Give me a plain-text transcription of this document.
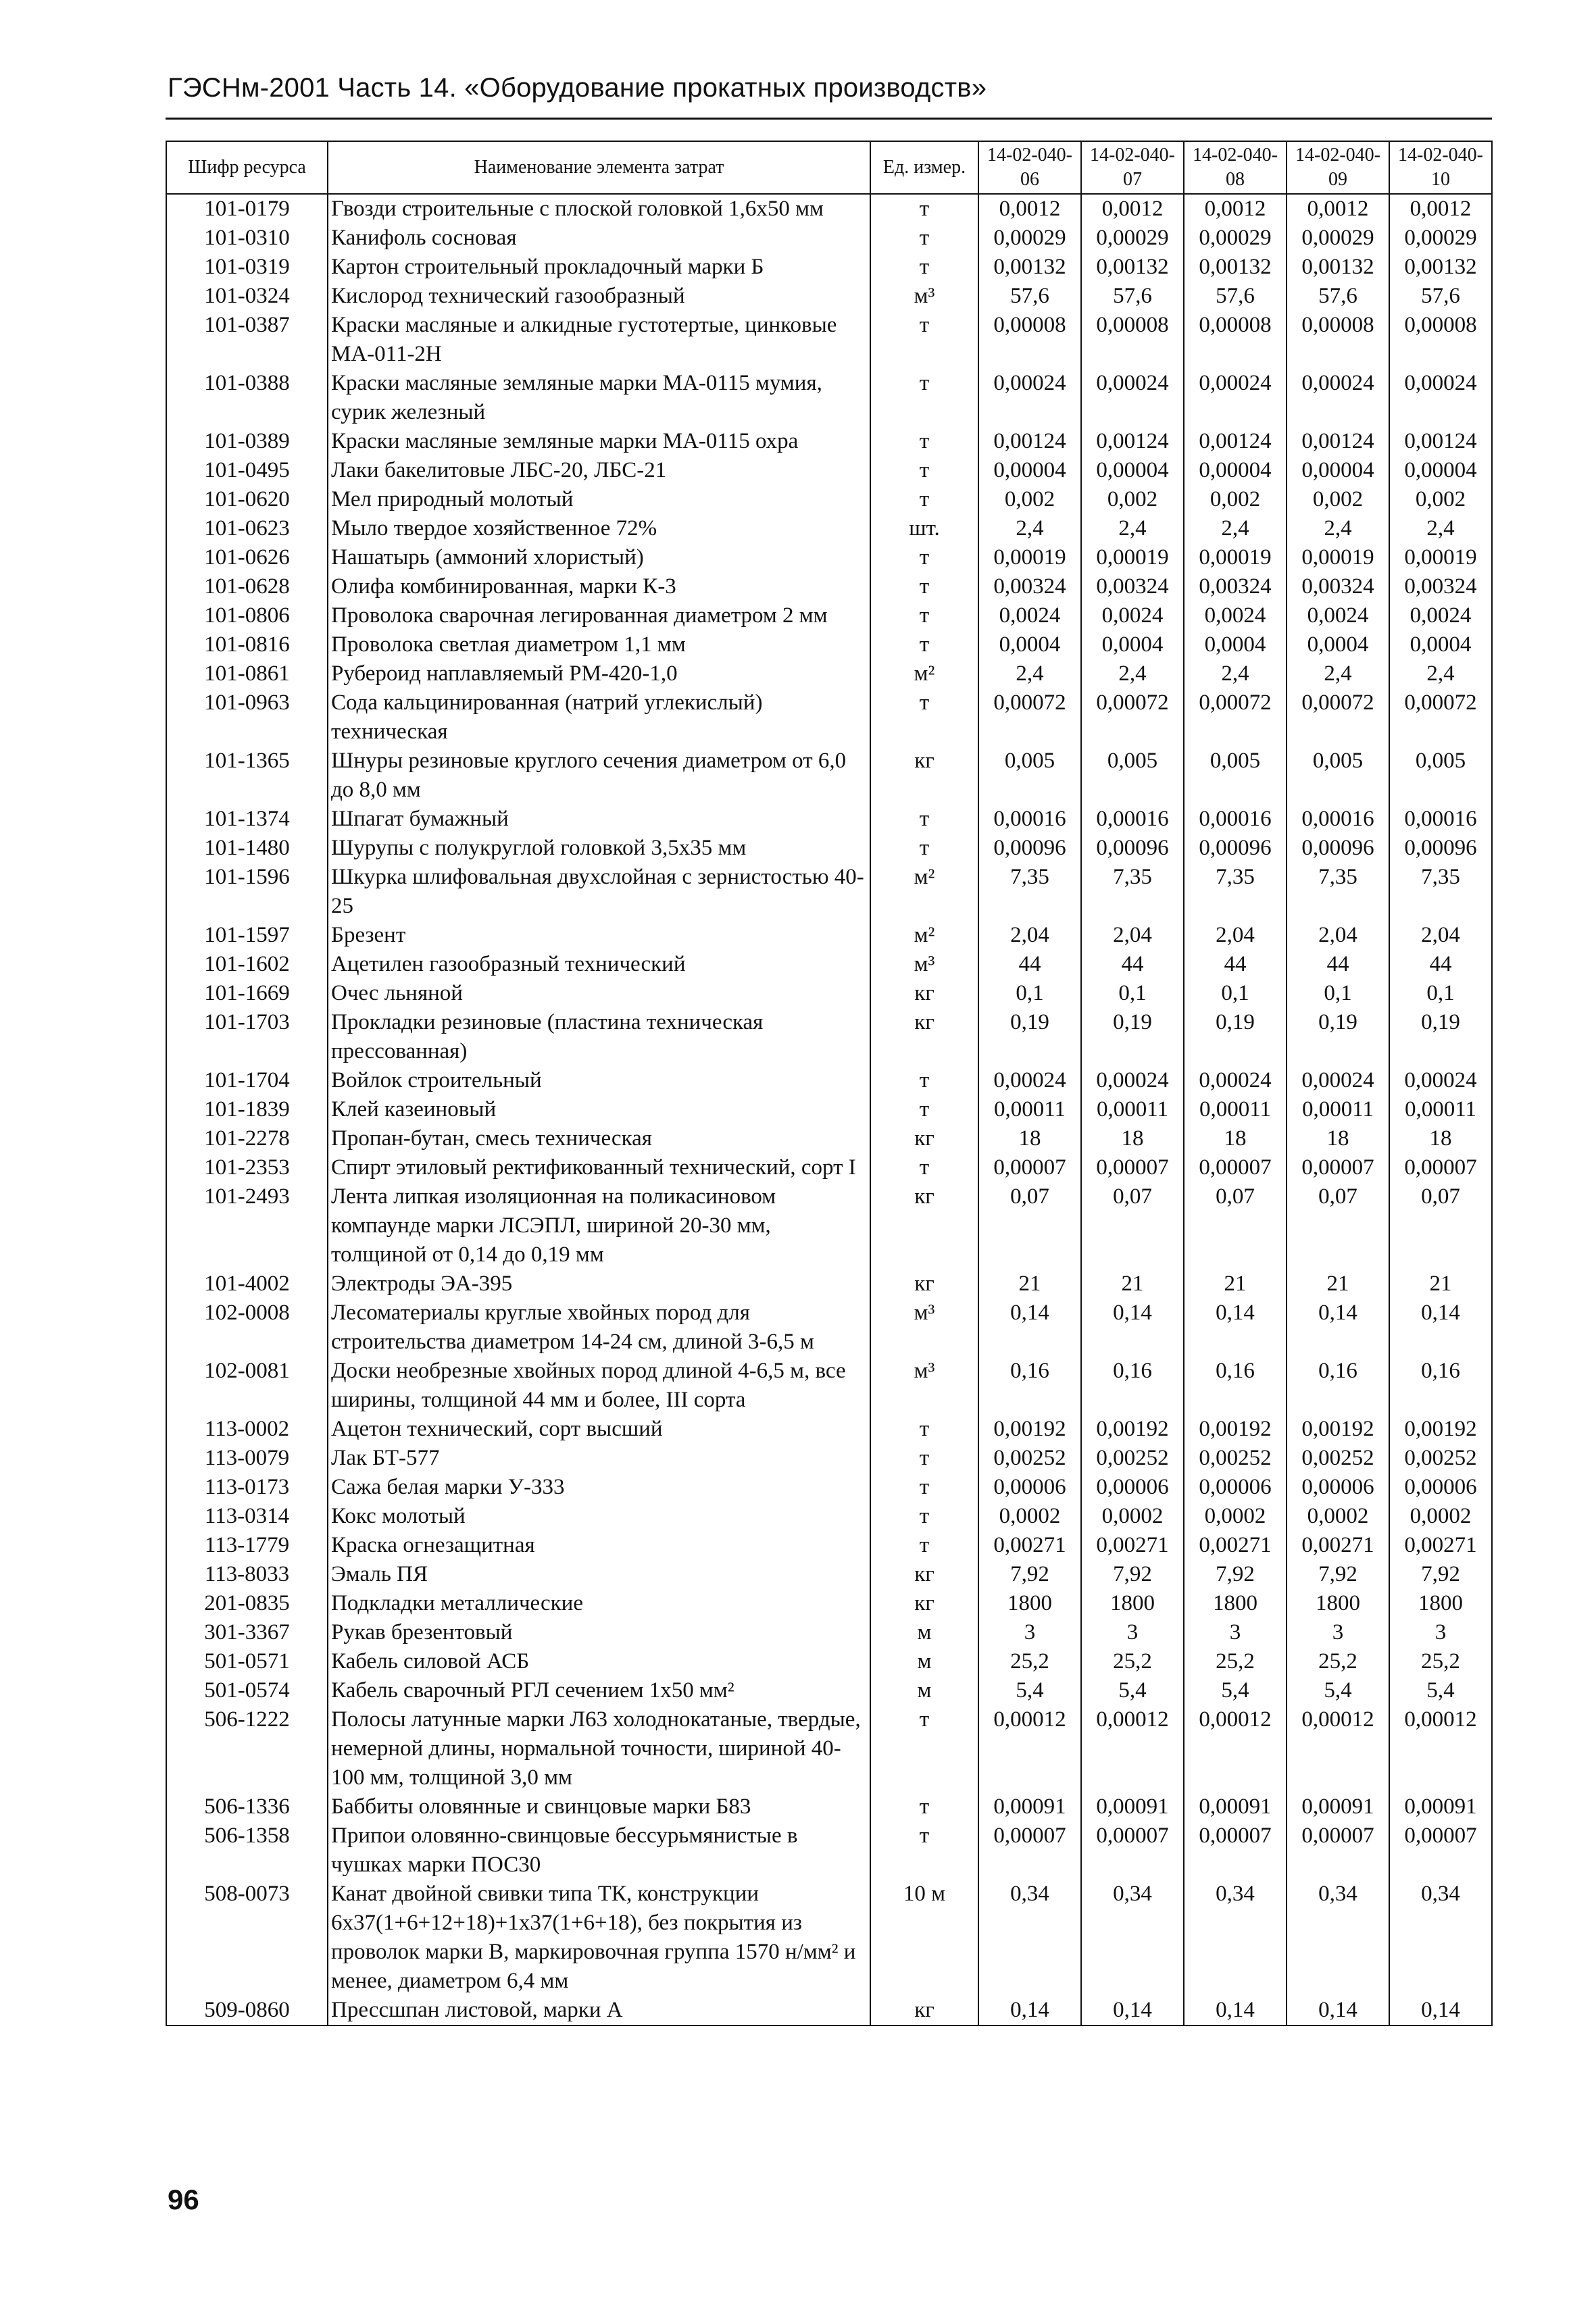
ГЭСНм-2001 Часть 14. «Оборудование прокатных производств»
Шифр ресурса	Наименование элемента затрат	Ед. измер.	14-02-040-06	14-02-040-07	14-02-040-08	14-02-040-09	14-02-040-10
101-0179	Гвозди строительные с плоской головкой 1,6х50 мм	т	0,0012	0,0012	0,0012	0,0012	0,0012
101-0310	Канифоль сосновая	т	0,00029	0,00029	0,00029	0,00029	0,00029
101-0319	Картон строительный прокладочный марки Б	т	0,00132	0,00132	0,00132	0,00132	0,00132
101-0324	Кислород технический газообразный	м³	57,6	57,6	57,6	57,6	57,6
101-0387	Краски масляные и алкидные густотертые, цинковые МА-011-2Н	т	0,00008	0,00008	0,00008	0,00008	0,00008
101-0388	Краски масляные земляные марки МА-0115 мумия, сурик железный	т	0,00024	0,00024	0,00024	0,00024	0,00024
101-0389	Краски масляные земляные марки МА-0115 охра	т	0,00124	0,00124	0,00124	0,00124	0,00124
101-0495	Лаки бакелитовые ЛБС-20, ЛБС-21	т	0,00004	0,00004	0,00004	0,00004	0,00004
101-0620	Мел природный молотый	т	0,002	0,002	0,002	0,002	0,002
101-0623	Мыло твердое хозяйственное 72%	шт.	2,4	2,4	2,4	2,4	2,4
101-0626	Нашатырь (аммоний хлористый)	т	0,00019	0,00019	0,00019	0,00019	0,00019
101-0628	Олифа комбинированная, марки К-3	т	0,00324	0,00324	0,00324	0,00324	0,00324
101-0806	Проволока сварочная легированная диаметром 2 мм	т	0,0024	0,0024	0,0024	0,0024	0,0024
101-0816	Проволока светлая диаметром 1,1 мм	т	0,0004	0,0004	0,0004	0,0004	0,0004
101-0861	Рубероид наплавляемый РМ-420-1,0	м²	2,4	2,4	2,4	2,4	2,4
101-0963	Сода кальцинированная (натрий углекислый) техническая	т	0,00072	0,00072	0,00072	0,00072	0,00072
101-1365	Шнуры резиновые круглого сечения диаметром от 6,0 до 8,0 мм	кг	0,005	0,005	0,005	0,005	0,005
101-1374	Шпагат бумажный	т	0,00016	0,00016	0,00016	0,00016	0,00016
101-1480	Шурупы с полукруглой головкой 3,5х35 мм	т	0,00096	0,00096	0,00096	0,00096	0,00096
101-1596	Шкурка шлифовальная двухслойная с зернистостью 40-25	м²	7,35	7,35	7,35	7,35	7,35
101-1597	Брезент	м²	2,04	2,04	2,04	2,04	2,04
101-1602	Ацетилен газообразный технический	м³	44	44	44	44	44
101-1669	Очес льняной	кг	0,1	0,1	0,1	0,1	0,1
101-1703	Прокладки резиновые (пластина техническая прессованная)	кг	0,19	0,19	0,19	0,19	0,19
101-1704	Войлок строительный	т	0,00024	0,00024	0,00024	0,00024	0,00024
101-1839	Клей казеиновый	т	0,00011	0,00011	0,00011	0,00011	0,00011
101-2278	Пропан-бутан, смесь техническая	кг	18	18	18	18	18
101-2353	Спирт этиловый ректификованный технический, сорт I	т	0,00007	0,00007	0,00007	0,00007	0,00007
101-2493	Лента липкая изоляционная на поликасиновом компаунде марки ЛСЭПЛ, шириной 20-30 мм, толщиной от 0,14 до 0,19 мм	кг	0,07	0,07	0,07	0,07	0,07
101-4002	Электроды ЭА-395	кг	21	21	21	21	21
102-0008	Лесоматериалы круглые хвойных пород для строительства диаметром 14-24 см, длиной 3-6,5 м	м³	0,14	0,14	0,14	0,14	0,14
102-0081	Доски необрезные хвойных пород длиной 4-6,5 м, все ширины, толщиной 44 мм и более, III сорта	м³	0,16	0,16	0,16	0,16	0,16
113-0002	Ацетон технический, сорт высший	т	0,00192	0,00192	0,00192	0,00192	0,00192
113-0079	Лак БТ-577	т	0,00252	0,00252	0,00252	0,00252	0,00252
113-0173	Сажа белая марки У-333	т	0,00006	0,00006	0,00006	0,00006	0,00006
113-0314	Кокс молотый	т	0,0002	0,0002	0,0002	0,0002	0,0002
113-1779	Краска огнезащитная	т	0,00271	0,00271	0,00271	0,00271	0,00271
113-8033	Эмаль ПЯ	кг	7,92	7,92	7,92	7,92	7,92
201-0835	Подкладки металлические	кг	1800	1800	1800	1800	1800
301-3367	Рукав брезентовый	м	3	3	3	3	3
501-0571	Кабель силовой АСБ	м	25,2	25,2	25,2	25,2	25,2
501-0574	Кабель сварочный РГЛ сечением 1х50 мм²	м	5,4	5,4	5,4	5,4	5,4
506-1222	Полосы латунные марки Л63 холоднокатаные, твердые, немерной длины, нормальной точности, шириной 40-100 мм, толщиной 3,0 мм	т	0,00012	0,00012	0,00012	0,00012	0,00012
506-1336	Баббиты оловянные и свинцовые марки Б83	т	0,00091	0,00091	0,00091	0,00091	0,00091
506-1358	Припои оловянно-свинцовые бессурьмянистые в чушках марки ПОС30	т	0,00007	0,00007	0,00007	0,00007	0,00007
508-0073	Канат двойной свивки типа ТК, конструкции 6х37(1+6+12+18)+1х37(1+6+18), без покрытия из проволок марки В, маркировочная группа 1570 н/мм² и менее, диаметром 6,4 мм	10 м	0,34	0,34	0,34	0,34	0,34
509-0860	Прессшпан листовой, марки А	кг	0,14	0,14	0,14	0,14	0,14
96
